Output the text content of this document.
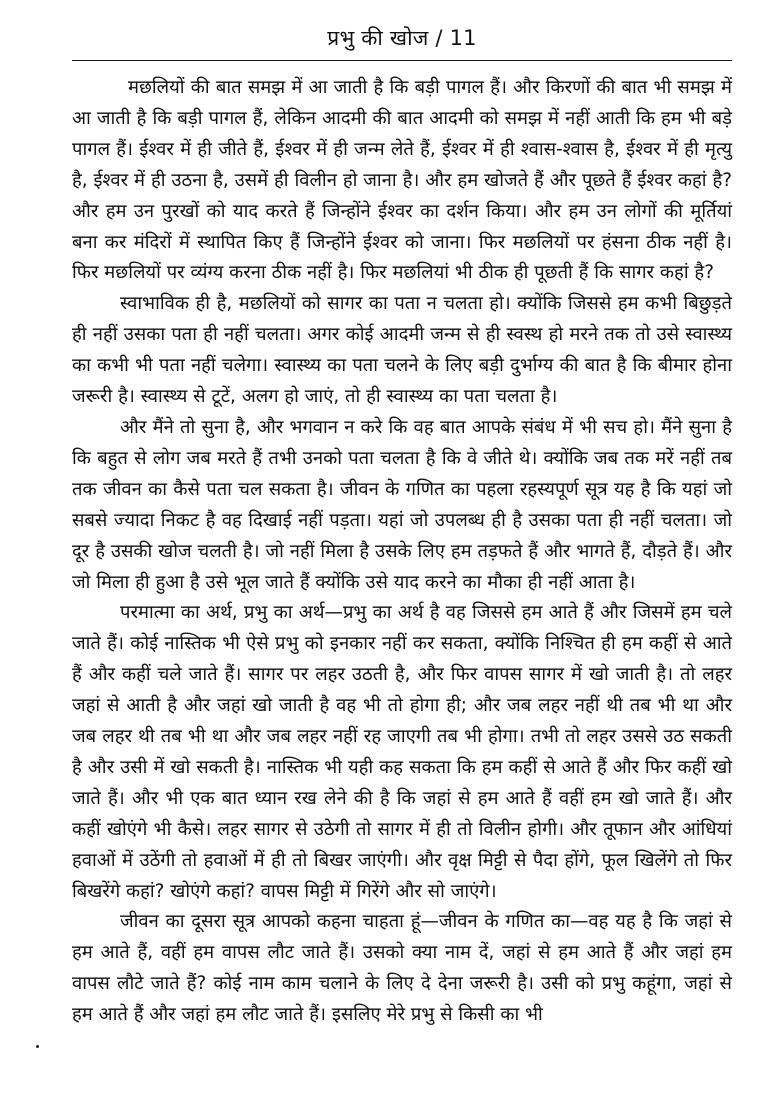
प्रभु की खोज / 11

मछलियों की बात समझ में आ जाती है कि बड़ी पागल हैं। और किरणों की बात भी समझ में आ जाती है कि बड़ी पागल हैं, लेकिन आदमी की बात आदमी को समझ में नहीं आती कि हम भी बड़े पागल हैं। ईश्वर में ही जीते हैं, ईश्वर में ही जन्म लेते हैं, ईश्वर में ही श्वास-श्वास है, ईश्वर में ही मृत्यु है, ईश्वर में ही उठना है, उसमें ही विलीन हो जाना है। और हम खोजते हैं और पूछते हैं ईश्वर कहां है? और हम उन पुरखों को याद करते हैं जिन्होंने ईश्वर का दर्शन किया। और हम उन लोगों की मूर्तियां बना कर मंदिरों में स्थापित किए हैं जिन्होंने ईश्वर को जाना। फिर मछलियों पर हंसना ठीक नहीं है। फिर मछलियों पर व्यंग्य करना ठीक नहीं है। फिर मछलियां भी ठीक ही पूछती हैं कि सागर कहां है?

स्वाभाविक ही है, मछलियों को सागर का पता न चलता हो। क्योंकि जिससे हम कभी बिछुड़ते ही नहीं उसका पता ही नहीं चलता। अगर कोई आदमी जन्म से ही स्वस्थ हो मरने तक तो उसे स्वास्थ्य का कभी भी पता नहीं चलेगा। स्वास्थ्य का पता चलने के लिए बड़ी दुर्भाग्य की बात है कि बीमार होना जरूरी है। स्वास्थ्य से टूटें, अलग हो जाएं, तो ही स्वास्थ्य का पता चलता है।

और मैंने तो सुना है, और भगवान न करे कि वह बात आपके संबंध में भी सच हो। मैंने सुना है कि बहुत से लोग जब मरते हैं तभी उनको पता चलता है कि वे जीते थे। क्योंकि जब तक मरें नहीं तब तक जीवन का कैसे पता चल सकता है। जीवन के गणित का पहला रहस्यपूर्ण सूत्र यह है कि यहां जो सबसे ज्यादा निकट है वह दिखाई नहीं पड़ता। यहां जो उपलब्ध ही है उसका पता ही नहीं चलता। जो दूर है उसकी खोज चलती है। जो नहीं मिला है उसके लिए हम तड़फते हैं और भागते हैं, दौड़ते हैं। और जो मिला ही हुआ है उसे भूल जाते हैं क्योंकि उसे याद करने का मौका ही नहीं आता है।

परमात्मा का अर्थ, प्रभु का अर्थ—प्रभु का अर्थ है वह जिससे हम आते हैं और जिसमें हम चले जाते हैं। कोई नास्तिक भी ऐसे प्रभु को इनकार नहीं कर सकता, क्योंकि निश्चित ही हम कहीं से आते हैं और कहीं चले जाते हैं। सागर पर लहर उठती है, और फिर वापस सागर में खो जाती है। तो लहर जहां से आती है और जहां खो जाती है वह भी तो होगा ही; और जब लहर नहीं थी तब भी था और जब लहर थी तब भी था और जब लहर नहीं रह जाएगी तब भी होगा। तभी तो लहर उससे उठ सकती है और उसी में खो सकती है। नास्तिक भी यही कह सकता कि हम कहीं से आते हैं और फिर कहीं खो जाते हैं। और भी एक बात ध्यान रख लेने की है कि जहां से हम आते हैं वहीं हम खो जाते हैं। और कहीं खोएंगे भी कैसे। लहर सागर से उठेगी तो सागर में ही तो विलीन होगी। और तूफान और आंधियां हवाओं में उठेंगी तो हवाओं में ही तो बिखर जाएंगी। और वृक्ष मिट्टी से पैदा होंगे, फूल खिलेंगे तो फिर बिखरेंगे कहां? खोएंगे कहां? वापस मिट्टी में गिरेंगे और सो जाएंगे।

जीवन का दूसरा सूत्र आपको कहना चाहता हूं—जीवन के गणित का—वह यह है कि जहां से हम आते हैं, वहीं हम वापस लौट जाते हैं। उसको क्या नाम दें, जहां से हम आते हैं और जहां हम वापस लौटे जाते हैं? कोई नाम काम चलाने के लिए दे देना जरूरी है। उसी को प्रभु कहूंगा, जहां से हम आते हैं और जहां हम लौट जाते हैं। इसलिए मेरे प्रभु से किसी का भी
